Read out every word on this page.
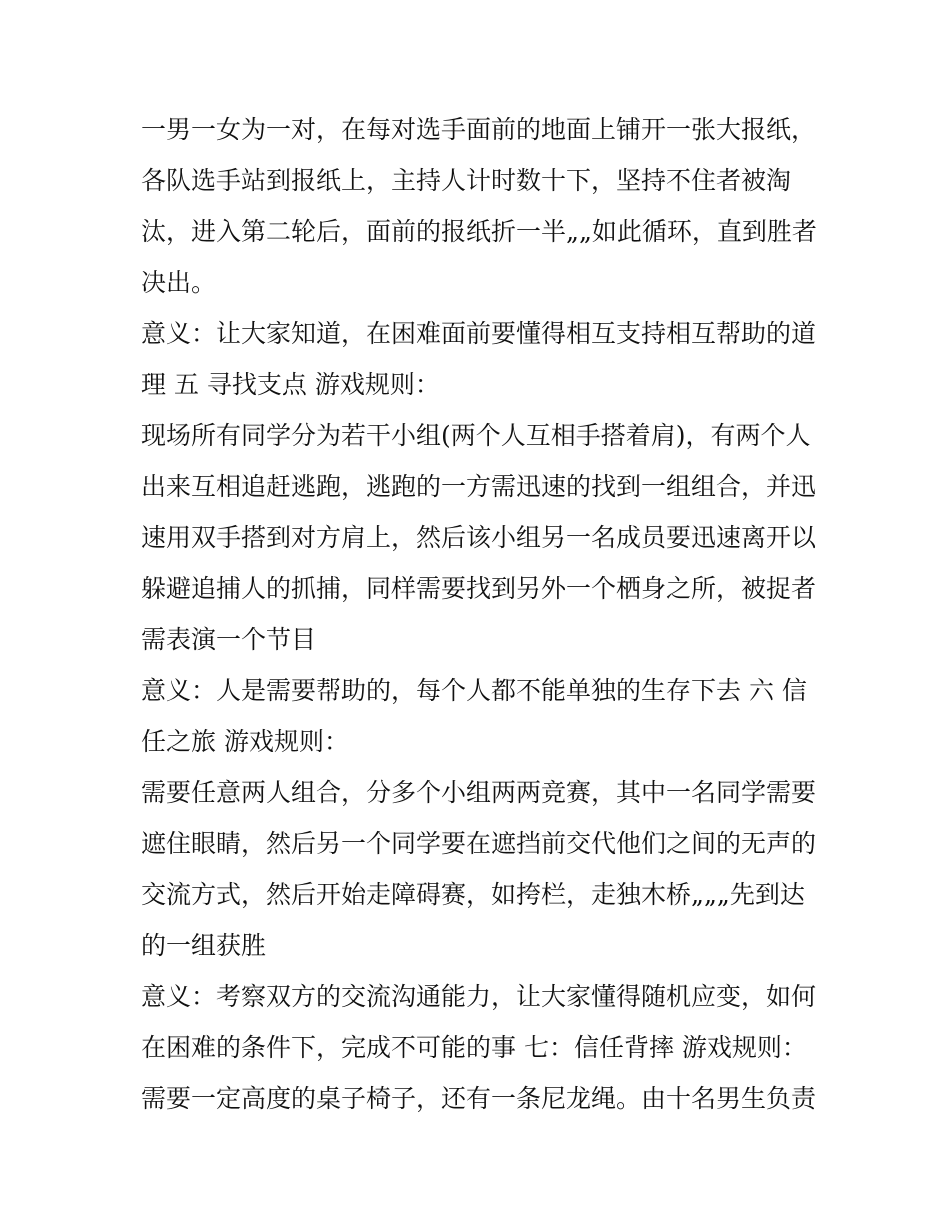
一男一女为一对，在每对选手面前的地面上铺开一张大报纸，
各队选手站到报纸上，主持人计时数十下，坚持不住者被淘
汰，进入第二轮后，面前的报纸折一半„„如此循环，直到胜者
决出。
意义：让大家知道，在困难面前要懂得相互支持相互帮助的道
理 五 寻找支点 游戏规则：
现场所有同学分为若干小组(两个人互相手搭着肩)，有两个人
出来互相追赶逃跑，逃跑的一方需迅速的找到一组组合，并迅
速用双手搭到对方肩上，然后该小组另一名成员要迅速离开以
躲避追捕人的抓捕，同样需要找到另外一个栖身之所，被捉者
需表演一个节目
意义：人是需要帮助的，每个人都不能单独的生存下去 六 信
任之旅 游戏规则：
需要任意两人组合，分多个小组两两竞赛，其中一名同学需要
遮住眼睛，然后另一个同学要在遮挡前交代他们之间的无声的
交流方式，然后开始走障碍赛，如挎栏，走独木桥„„„先到达
的一组获胜
意义：考察双方的交流沟通能力，让大家懂得随机应变，如何
在困难的条件下，完成不可能的事 七：信任背摔 游戏规则：
需要一定高度的桌子椅子，还有一条尼龙绳。由十名男生负责
